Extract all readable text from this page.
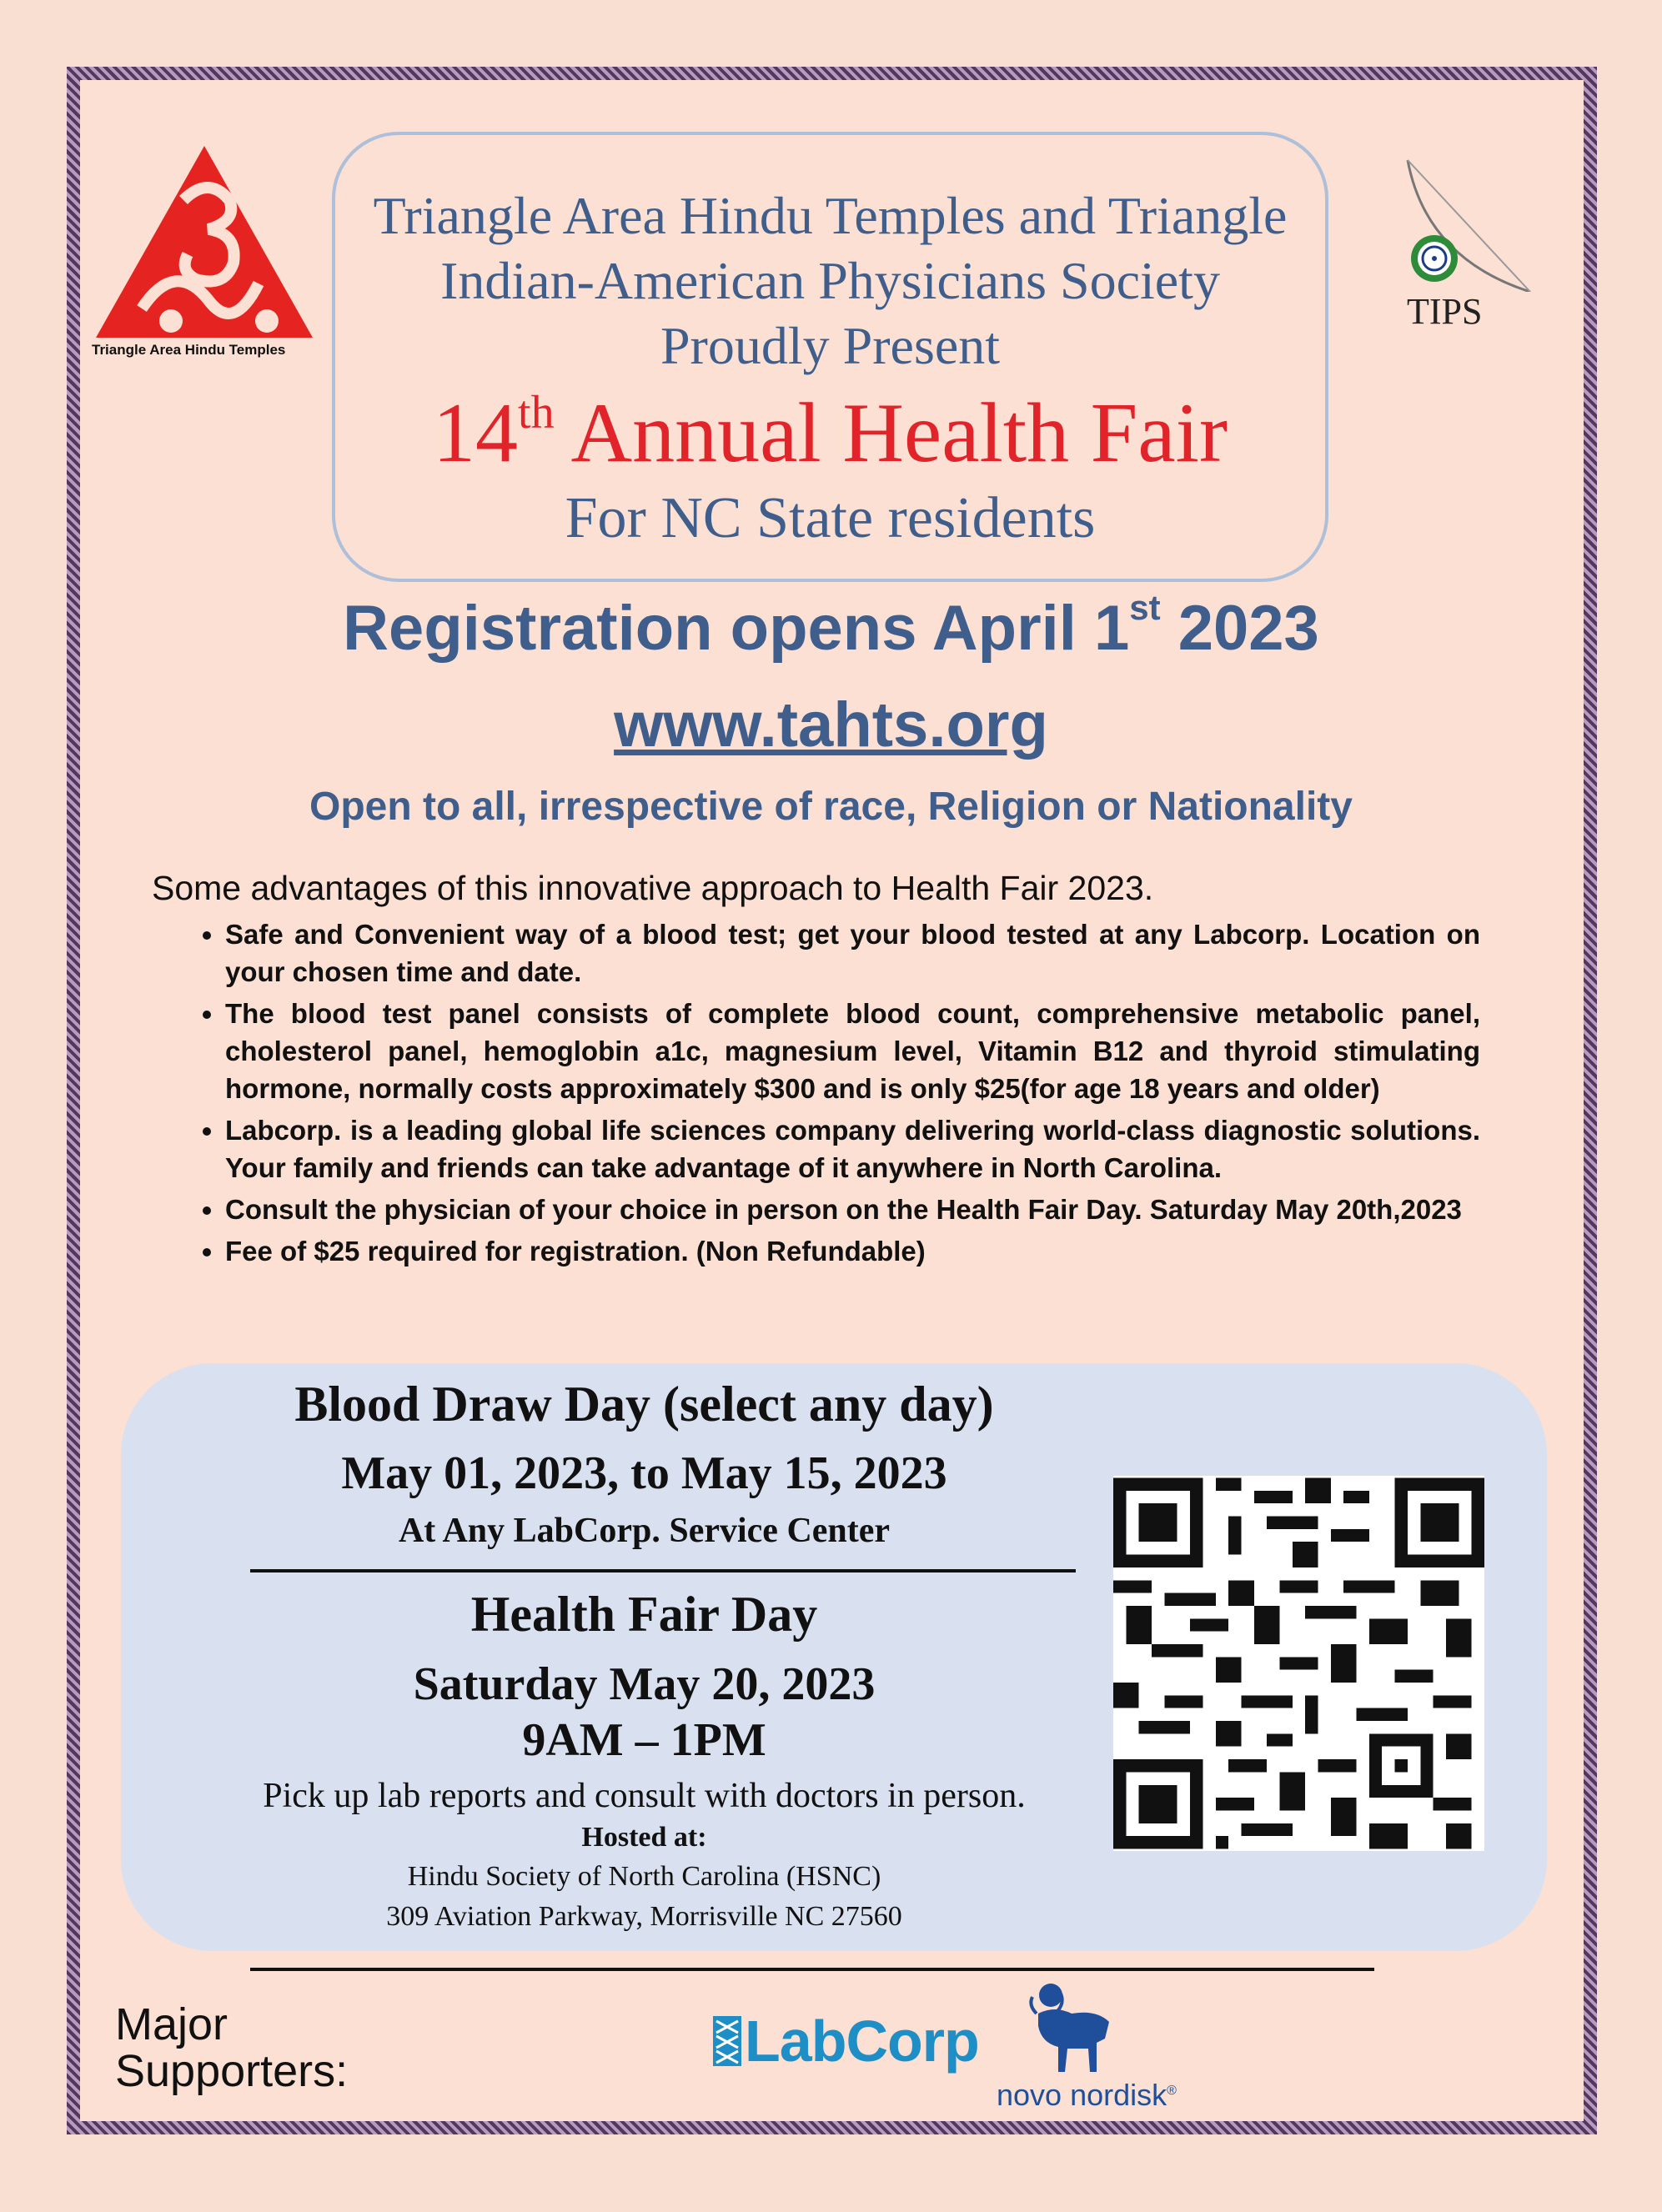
Triangle Area Hindu Temples
TIPS
Triangle Area Hindu Temples and Triangle
Indian-American Physicians Society
Proudly Present
14th Annual Health Fair
For NC State residents
Registration opens April 1st 2023
www.tahts.org
Open to all, irrespective of race, Religion or Nationality
Some advantages of this innovative approach to Health Fair 2023.
• Safe and Convenient way of a blood test; get your blood tested at any Labcorp. Location on your chosen time and date.
• The blood test panel consists of complete blood count, comprehensive metabolic panel, cholesterol panel, hemoglobin a1c, magnesium level, Vitamin B12 and thyroid stimulating hormone, normally costs approximately $300 and is only $25(for age 18 years and older)
• Labcorp. is a leading global life sciences company delivering world-class diagnostic solutions. Your family and friends can take advantage of it anywhere in North Carolina.
• Consult the physician of your choice in person on the Health Fair Day. Saturday May 20th,2023
• Fee of $25 required for registration. (Non Refundable)
Blood Draw Day (select any day)
May 01, 2023, to May 15, 2023
At Any LabCorp. Service Center
Health Fair Day
Saturday May 20, 2023
9AM – 1PM
Pick up lab reports and consult with doctors in person.
Hosted at:
Hindu Society of North Carolina (HSNC)
309 Aviation Parkway, Morrisville NC 27560
Major
Supporters:	LabCorp
novo nordisk®
